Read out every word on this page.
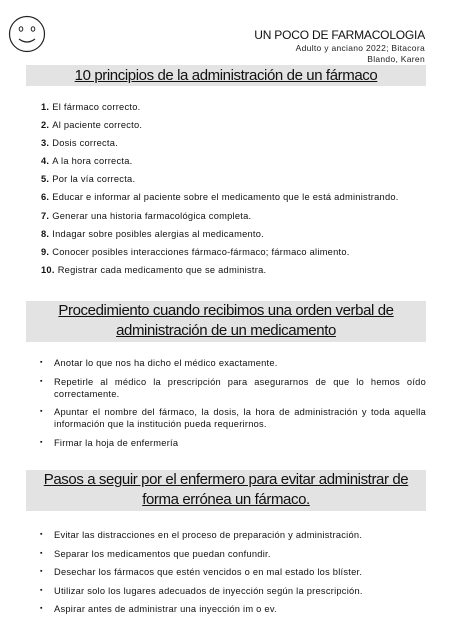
UN POCO DE FARMACOLOGIA
Adulto y anciano 2022; Bitacora
Blando, Karen
10 principios de la administración de un fármaco
1. El fármaco correcto.
2. Al paciente correcto.
3. Dosis correcta.
4. A la hora correcta.
5. Por la vía correcta.
6. Educar e informar al paciente sobre el medicamento que le está administrando.
7. Generar una historia farmacológica completa.
8. Indagar sobre posibles alergias al medicamento.
9. Conocer posibles interacciones fármaco-fármaco; fármaco alimento.
10. Registrar cada medicamento que se administra.
Procedimiento cuando recibimos una orden verbal de
administración de un medicamento
▪ Anotar lo que nos ha dicho el médico exactamente.
▪ Repetirle al médico la prescripción para asegurarnos de que lo hemos oído correctamente.
▪ Apuntar el nombre del fármaco, la dosis, la hora de administración y toda aquella información que la institución pueda requerirnos.
▪ Firmar la hoja de enfermería
Pasos a seguir por el enfermero para evitar administrar de
forma errónea un fármaco.
▪ Evitar las distracciones en el proceso de preparación y administración.
▪ Separar los medicamentos que puedan confundir.
▪ Desechar los fármacos que estén vencidos o en mal estado los blíster.
▪ Utilizar solo los lugares adecuados de inyección según la prescripción.
▪ Aspirar antes de administrar una inyección im o ev.
